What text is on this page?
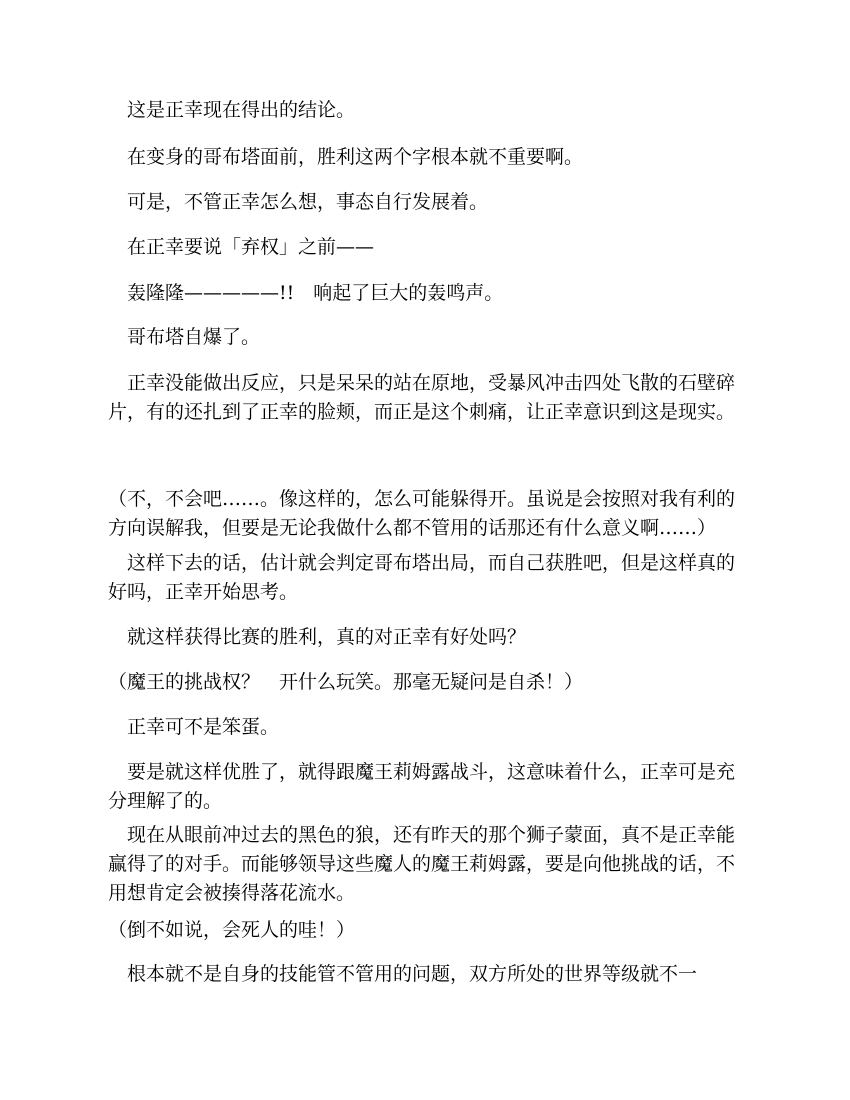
这是正幸现在得出的结论。

在变身的哥布塔面前，胜利这两个字根本就不重要啊。

可是，不管正幸怎么想，事态自行发展着。

在正幸要说「弃权」之前——

轰隆隆—————!!　响起了巨大的轰鸣声。

哥布塔自爆了。

正幸没能做出反应，只是呆呆的站在原地，受暴风冲击四处飞散的石壁碎片，有的还扎到了正幸的脸颊，而正是这个刺痛，让正幸意识到这是现实。

（不，不会吧……。像这样的，怎么可能躲得开。虽说是会按照对我有利的方向误解我，但要是无论我做什么都不管用的话那还有什么意义啊……）

这样下去的话，估计就会判定哥布塔出局，而自己获胜吧，但是这样真的好吗，正幸开始思考。

就这样获得比赛的胜利，真的对正幸有好处吗？

（魔王的挑战权？　开什么玩笑。那毫无疑问是自杀！）

正幸可不是笨蛋。

要是就这样优胜了，就得跟魔王莉姆露战斗，这意味着什么，正幸可是充分理解了的。

现在从眼前冲过去的黑色的狼，还有昨天的那个狮子蒙面，真不是正幸能赢得了的对手。而能够领导这些魔人的魔王莉姆露，要是向他挑战的话，不用想肯定会被揍得落花流水。

（倒不如说，会死人的哇！）

根本就不是自身的技能管不管用的问题，双方所处的世界等级就不一
